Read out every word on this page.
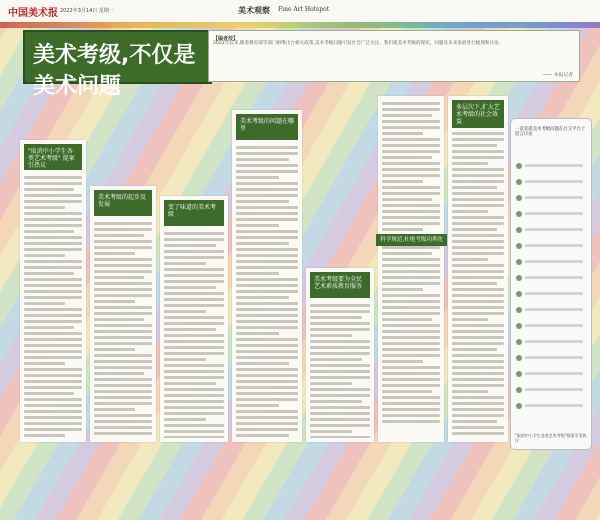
中国美术报 2022年3月14日 星期一	美术观察 Fine Art Hotspot
美术考级,不仅是美术问题
【编者按】
2021年以来,随着教育部等部门相继出台相关政策,美术考级问题引发社会广泛关注。我们就美术考级的现状、问题及未来发展进行梳理和讨论。
—— 本报记者
"取消中小学生各类艺术考级" 提案引热议
美术考级的起步及发展	变了味道的美术考级
美术考级的问题在哪里
美术考级要为全民艺术素质教育服务
科学规范,杜绝考级功利化
多层次下,扩大艺术考级的社会效益
一读者就美术考级问题在社交平台上留言讨论
"取消中小学生各类艺术考级"提案引发热议
